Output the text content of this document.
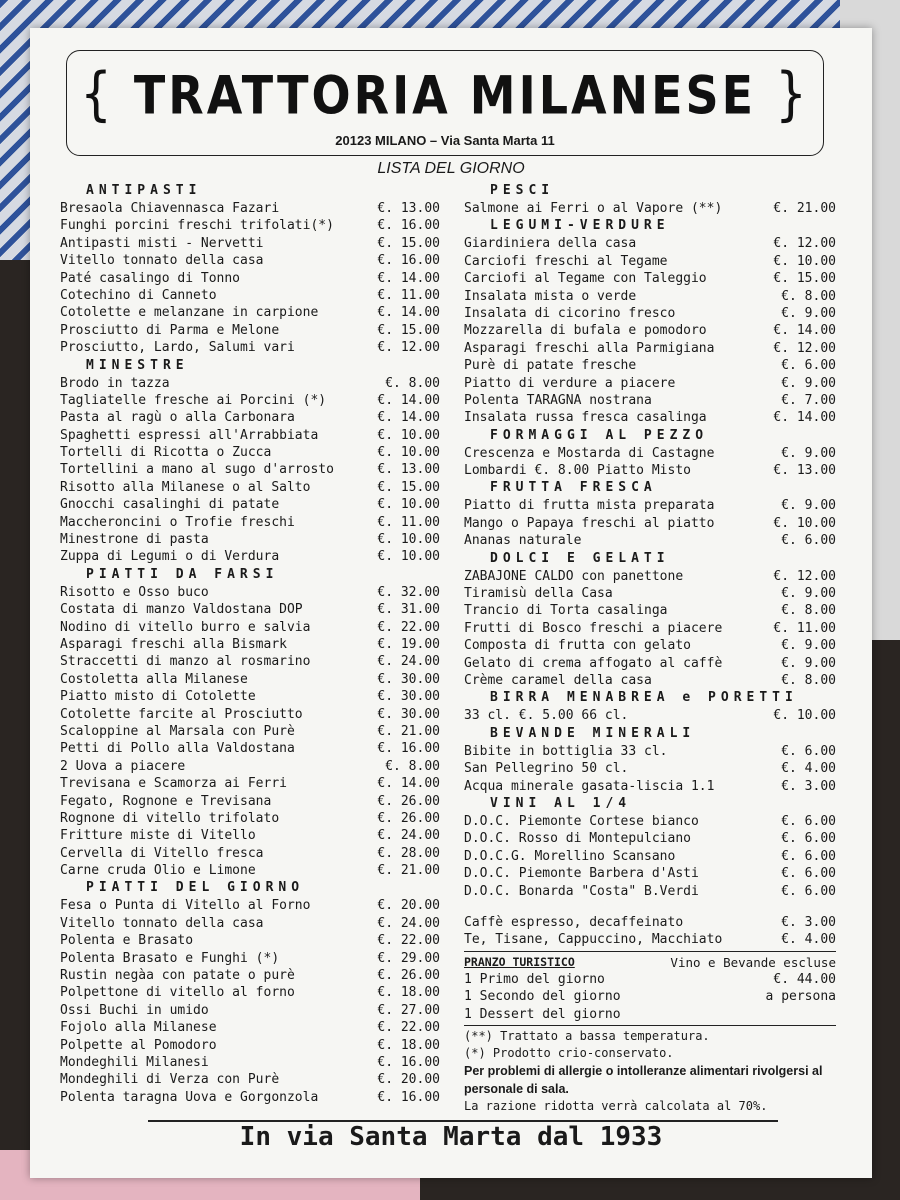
{ TRATTORIA MILANESE }
20123 MILANO – Via Santa Marta 11
LISTA DEL GIORNO
ANTIPASTI
Bresaola Chiavennasca Fazari	€. 13.00
Funghi porcini freschi trifolati(*)	€. 16.00
Antipasti misti - Nervetti	€. 15.00
Vitello tonnato della casa	€. 16.00
Paté casalingo di Tonno	€. 14.00
Cotechino di Canneto	€. 11.00
Cotolette e melanzane in carpione	€. 14.00
Prosciutto di Parma e Melone	€. 15.00
Prosciutto, Lardo, Salumi vari	€. 12.00
MINESTRE
Brodo in tazza	€. 8.00
Tagliatelle fresche ai Porcini (*)	€. 14.00
Pasta al ragù o alla Carbonara	€. 14.00
Spaghetti espressi all'Arrabbiata	€. 10.00
Tortelli di Ricotta o Zucca	€. 10.00
Tortellini a mano al sugo d'arrosto	€. 13.00
Risotto alla Milanese o al Salto	€. 15.00
Gnocchi casalinghi di patate	€. 10.00
Maccheroncini o Trofie freschi	€. 11.00
Minestrone di pasta	€. 10.00
Zuppa di Legumi o di Verdura	€. 10.00
PIATTI DA FARSI
Risotto e Osso buco	€. 32.00
Costata di manzo Valdostana DOP	€. 31.00
Nodino di vitello burro e salvia	€. 22.00
Asparagi freschi alla Bismark	€. 19.00
Straccetti di manzo al rosmarino	€. 24.00
Costoletta alla Milanese	€. 30.00
Piatto misto di Cotolette	€. 30.00
Cotolette farcite al Prosciutto	€. 30.00
Scaloppine al Marsala con Purè	€. 21.00
Petti di Pollo alla Valdostana	€. 16.00
2 Uova a piacere	€. 8.00
Trevisana e Scamorza ai Ferri	€. 14.00
Fegato, Rognone e Trevisana	€. 26.00
Rognone di vitello trifolato	€. 26.00
Fritture miste di Vitello	€. 24.00
Cervella di Vitello fresca	€. 28.00
Carne cruda Olio e Limone	€. 21.00
PIATTI DEL GIORNO
Fesa o Punta di Vitello al Forno	€. 20.00
Vitello tonnato della casa	€. 24.00
Polenta e Brasato	€. 22.00
Polenta Brasato e Funghi (*)	€. 29.00
Rustin negàa con patate o purè	€. 26.00
Polpettone di vitello al forno	€. 18.00
Ossi Buchi in umido	€. 27.00
Fojolo alla Milanese	€. 22.00
Polpette al Pomodoro	€. 18.00
Mondeghili Milanesi	€. 16.00
Mondeghili di Verza con Purè	€. 20.00
Polenta taragna Uova e Gorgonzola	€. 16.00
PESCI
Salmone ai Ferri o al Vapore (**)	€. 21.00
LEGUMI-VERDURE
Giardiniera della casa	€. 12.00
Carciofi freschi al Tegame	€. 10.00
Carciofi al Tegame con Taleggio	€. 15.00
Insalata mista o verde	€. 8.00
Insalata di cicorino fresco	€. 9.00
Mozzarella di bufala e pomodoro	€. 14.00
Asparagi freschi alla Parmigiana	€. 12.00
Purè di patate fresche	€. 6.00
Piatto di verdure a piacere	€. 9.00
Polenta TARAGNA nostrana	€. 7.00
Insalata russa fresca casalinga	€. 14.00
FORMAGGI AL PEZZO
Crescenza e Mostarda di Castagne	€. 9.00
Lombardi €. 8.00 Piatto Misto	€. 13.00
FRUTTA FRESCA
Piatto di frutta mista preparata	€. 9.00
Mango o Papaya freschi al piatto	€. 10.00
Ananas naturale	€. 6.00
DOLCI E GELATI
ZABAJONE CALDO con panettone	€. 12.00
Tiramisù della Casa	€. 9.00
Trancio di Torta casalinga	€. 8.00
Frutti di Bosco freschi a piacere	€. 11.00
Composta di frutta con gelato	€. 9.00
Gelato di crema affogato al caffè	€. 9.00
Crème caramel della casa	€. 8.00
BIRRA MENABREA e PORETTI
33 cl. €. 5.00 66 cl.	€. 10.00
BEVANDE MINERALI
Bibite in bottiglia 33 cl.	€. 6.00
San Pellegrino 50 cl.	€. 4.00
Acqua minerale gasata-liscia 1.1	€. 3.00
VINI AL 1/4
D.O.C. Piemonte Cortese bianco	€. 6.00
D.O.C. Rosso di Montepulciano	€. 6.00
D.O.C.G. Morellino Scansano	€. 6.00
D.O.C. Piemonte Barbera d'Asti	€. 6.00
D.O.C. Bonarda "Costa" B.Verdi	€. 6.00
Caffè espresso, decaffeinato	€. 3.00
Te, Tisane, Cappuccino, Macchiato	€. 4.00
PRANZO TURISTICO	Vino e Bevande escluse
1 Primo del giorno	€. 44.00
1 Secondo del giorno	a persona
1 Dessert del giorno
(**) Trattato a bassa temperatura.
(*) Prodotto crio-conservato.
Per problemi di allergie o intolleranze alimentari rivolgersi al personale di sala.
La razione ridotta verrà calcolata al 70%.
In via Santa Marta dal 1933
